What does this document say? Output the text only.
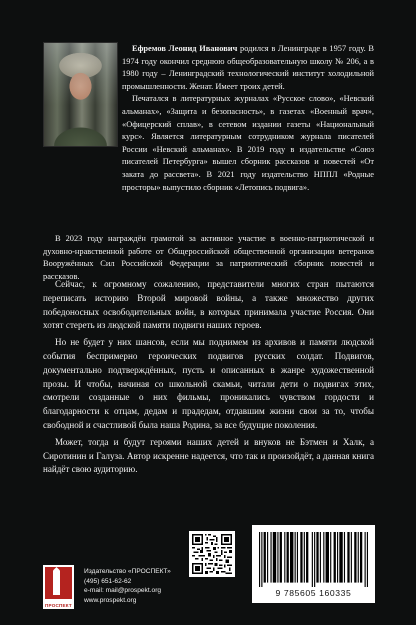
Ефремов Леонид Иванович родился в Ленинграде в 1957 году. В 1974 году окончил среднюю общеобразовательную школу № 206, а в 1980 году – Ленинградский технологический институт холодильной промышленности. Женат. Имеет троих детей.
Печатался в литературных журналах «Русское слово», «Невский альманах», «Защита и безопасность», в газетах «Военный врач», «Офицерский сплав», в сетевом издании газеты «Национальный курс». Является литературным сотрудником журнала писателей России «Невский альманах». В 2019 году в издательстве «Союз писателей Петербурга» вышел сборник рассказов и повестей «От заката до рассвета». В 2021 году издательство НППЛ «Родные просторы» выпустило сборник «Летопись подвига».

В 2023 году награждён грамотой за активное участие в военно-патриотической и духовно-нравственной работе от Общероссийской общественной организации ветеранов Вооружённых Сил Российской Федерации за патриотический сборник повестей и рассказов.

Сейчас, к огромному сожалению, представители многих стран пытаются переписать историю Второй мировой войны, а также множество других победоносных освободительных войн, в которых принимала участие Россия. Они хотят стереть из людской памяти подвиги наших героев.

Но не будет у них шансов, если мы поднимем из архивов и памяти людской события беспримерно героических подвигов русских солдат. Подвигов, документально подтверждённых, пусть и описанных в жанре художественной прозы. И чтобы, начиная со школьной скамьи, читали дети о подвигах этих, смотрели созданные о них фильмы, проникались чувством гордости и благодарности к отцам, дедам и прадедам, отдавшим жизни свои за то, чтобы свободной и счастливой была наша Родина, за все будущие поколения.

Может, тогда и будут героями наших детей и внуков не Бэтмен и Халк, а Сиротинин и Галуза. Автор искренне надеется, что так и произойдёт, а данная книга найдёт свою аудиторию.

ПРОСПЕКТ
Издательство «ПРОСПЕКТ»
(495) 651-62-62
e-mail: mail@prospekt.org
www.prospekt.org
9 785605 160335
